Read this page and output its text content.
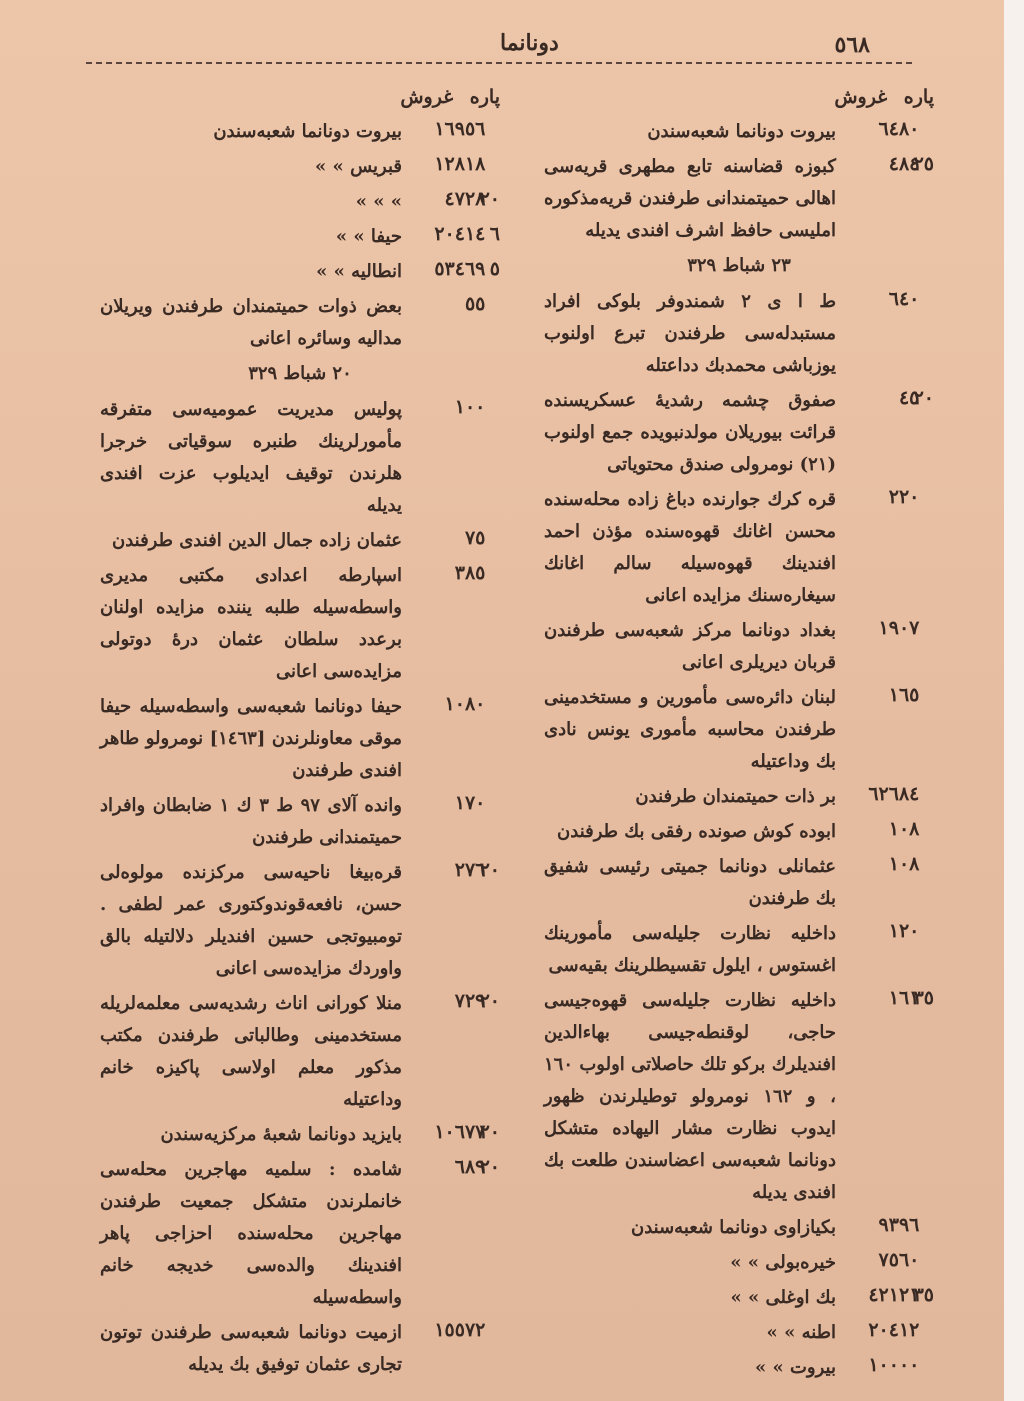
٥٦٨
دونانما
پاره غروش
٦٤٨٠
بیروت دونانما شعبه‌سندن
٢٥ ٤٨٤
کبوزه قضاسنه تابع مطهری قریه‌سی اهالی حمیتمندانی طرفندن قریه‌مذکوره املیسی حافظ اشرف افندی یدیله
٢٣ شباط ٣٢٩
٦٤٠
ط ا ی ٢ شمندوفر بلوکی افراد مستبدله‌سی طرفندن تبرع اولنوب یوزباشی محمدبك دداعتله
٢٠ ٤٥
صفوق چشمه رشدیهٔ عسکریسنده قرائت بیوریلان مولدنبویده جمع اولنوب (٢١) نومرولی صندق محتویاتی
٢٢٠
قره کرك جوارنده دباغ زاده محله‌سنده محسن اغانك قهوه‌سنده مؤذن احمد افندینك قهوه‌سیله سالم اغانك سیغاره‌سنك مزایده اعانی
١٩٠٧
بغداد دونانما مرکز شعبه‌سی طرفندن قربان دیریلری اعانی
١٦٥
لبنان دائره‌سی مأمورین و مستخدمینی طرفندن محاسبه مأموری یونس نادی بك وداعتیله
٦٢٦٨٤
بر ذات حمیتمندان طرفندن
١٠٨
ابوده کوش صونده رفقی بك طرفندن
١٠٨
عثمانلی دونانما جمیتی رئیسی شفیق بك طرفندن
١٢٠
داخلیه نظارت جلیله‌سی مأمورینك اغستوس ، ایلول تقسیطلرینك بقیه‌سی
٣٥ ١٦١
داخلیه نظارت جلیله‌سی قهوه‌جیسی حاجی، لوقنطه‌جیسی بهاءالدین افندیلرك برکو تلك حاصلاتی اولوب ١٦٠ ، و ١٦٢ نومرولو توطیلرندن ظهور ایدوب نظارت مشار الیهاده متشکل دونانما شعبه‌سی اعضاسندن طلعت بك افندی یدیله
٩٣٩٦
بکیازاوی دونانما شعبه‌سندن
٧٥٦٠
خیره‌بولی » »
٣٥ ٤٢١٢١
بك اوغلی » »
٢٠٤١٢
اطنه » »
١٠٠٠٠
بیروت » »
پاره غروش
١٦٩٥٦
بیروت دونانما شعبه‌سندن
١٢٨١٨
قبریس » »
٢٠ ٤٧٢٨
» » »
٦ ٢٠٤١٤
حیفا » »
٥ ٥٣٤٦٩
انطالیه » »
٥٥
بعض ذوات حمیتمندان طرفندن ویریلان مداليه وسائره اعانی
٢٠ شباط ٣٢٩
١٠٠
پولیس مدیریت عمومیه‌سی متفرقه مأمورلرینك طنبره سوقیاتی خرجرا هلرندن توقیف ایدیلوب عزت افندی یدیله
٧٥
عثمان زاده جمال الدین افندی طرفندن
٣٨٥
اسپارطه اعدادی مکتبی مدیری واسطه‌سیله طلبه یننده مزایده اولنان برعدد سلطان عثمان درهٔ دوتولی مزایده‌سی اعانی
١٠٨٠
حیفا دونانما شعبه‌سی واسطه‌سیله حیفا موقی معاونلرندن [١٤٦٣] نومرولو طاهر افندی طرفندن
١٧٠
وانده آلای ٩٧ ط ٣ ك ١ ضابطان وافراد حمیتمندانی طرفندن
٢٠ ٢٧٦
قره‌بیغا ناحیه‌سی مرکزنده مولوه‌لی حسن، نافعه‌قوندوکتوری عمر لطفی . تومبیوتجی حسین افندیلر دلالتیله بالق واوردك مزایده‌سی اعانی
٢٠ ٧٢٩
منلا کورانی اناث رشدیه‌سی معلمه‌لریله مستخدمینی وطالباتی طرفندن مکتب مذکور معلم اولاسی پاکیزه خانم وداعتیله
٢٠ ١٠٦٧٧
بایزید دونانما شعبهٔ مرکزیه‌سندن
٢٠ ٦٨٩
شامده : سلمیه مهاجرین محله‌سی خانملرندن متشکل جمعیت طرفندن مهاجرین محله‌سنده احزاجی پاهر افندینك والده‌سی خدیجه خانم واسطه‌سیله
١٥٥٧٢
ازمیت دونانما شعبه‌سی طرفندن توتون تجاری عثمان توفیق بك یدیله
